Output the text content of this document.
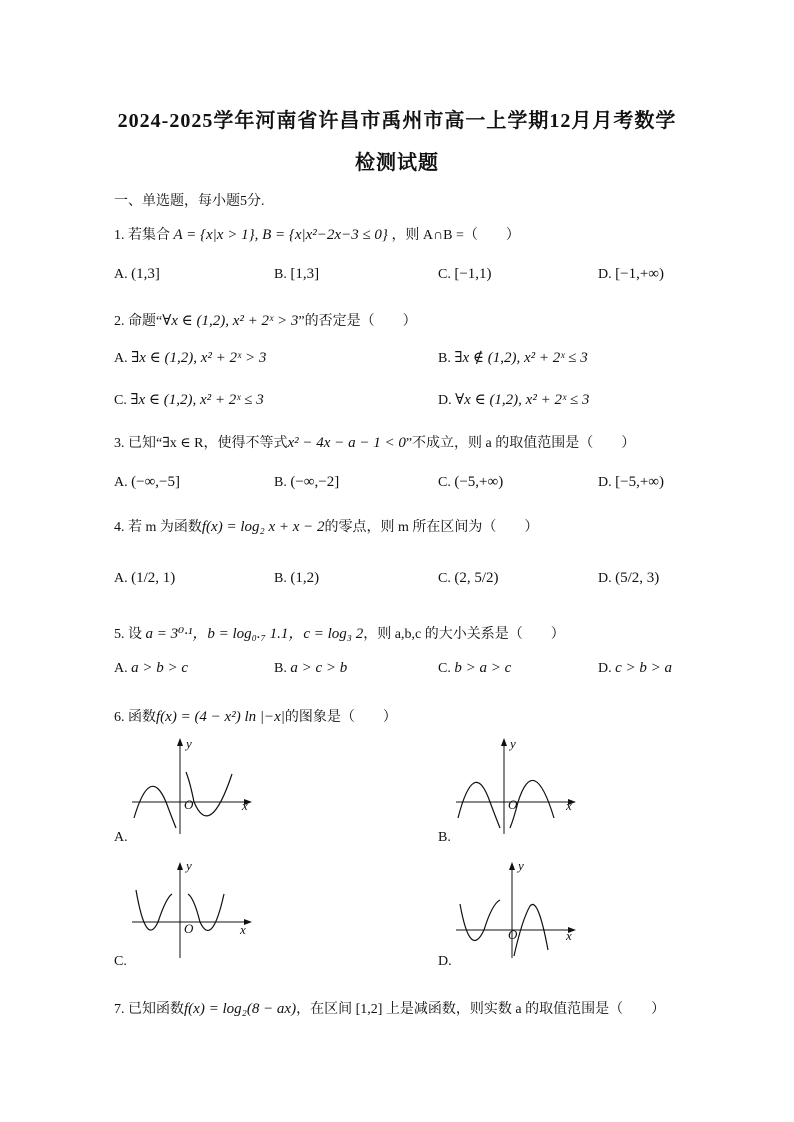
2024-2025学年河南省许昌市禹州市高一上学期12月月考数学
检测试题
一、单选题，每小题5分.
1. 若集合 A = {x|x > 1}, B = {x|x²−2x−3 ≤ 0} ，则 A∩B =（　　）
A. (1,3]	B. [1,3]	C. [−1,1)	D. [−1,+∞)
2. 命题“∀x ∈ (1,2), x² + 2ˣ > 3”的否定是（　　）
A. ∃x ∈ (1,2), x² + 2ˣ > 3	B. ∃x ∉ (1,2), x² + 2ˣ ≤ 3
C. ∃x ∈ (1,2), x² + 2ˣ ≤ 3	D. ∀x ∈ (1,2), x² + 2ˣ ≤ 3
3. 已知“∃x ∈ R，使得不等式x² − 4x − a − 1 < 0”不成立，则 a 的取值范围是（　　）
A. (−∞,−5]	B. (−∞,−2]	C. (−5,+∞)	D. [−5,+∞)
4. 若 m 为函数f(x) = log₂ x + x − 2的零点，则 m 所在区间为（　　）
A. (1/2, 1)	B. (1,2)	C. (2, 5/2)	D. (5/2, 3)
5. 设 a = 3⁰·¹，b = log₀.₇ 1.1，c = log₃ 2，则 a,b,c 的大小关系是（　　）
A. a > b > c	B. a > c > b	C. b > a > c	D. c > b > a
6. 函数f(x) = (4 − x²) ln |−x|的图象是（　　）
y
x
O
A.
y
x
O
B.
y
x
O
C.
y
x
O
D.
7. 已知函数f(x) = log₂(8 − ax)，在区间 [1,2] 上是减函数，则实数 a 的取值范围是（　　）
